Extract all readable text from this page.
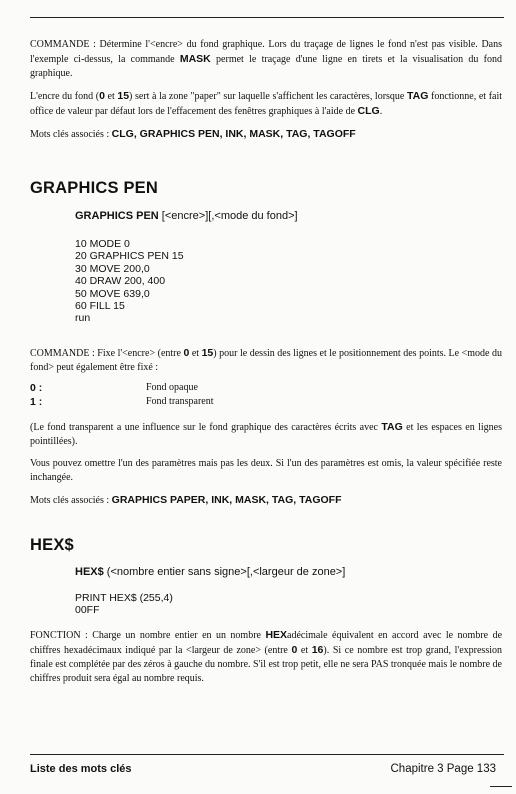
COMMANDE : Détermine l'<encre> du fond graphique. Lors du traçage de lignes le fond n'est pas visible. Dans l'exemple ci-dessus, la commande MASK permet le traçage d'une ligne en tirets et la visualisation du fond graphique.

L'encre du fond (0 et 15) sert à la zone "paper" sur laquelle s'affichent les caractères, lorsque TAG fonctionne, et fait office de valeur par défaut lors de l'effacement des fenêtres graphiques à l'aide de CLG.

Mots clés associés : CLG, GRAPHICS PEN, INK, MASK, TAG, TAGOFF

GRAPHICS PEN
GRAPHICS PEN [<encre>][,<mode du fond>]
10 MODE 0
20 GRAPHICS PEN 15
30 MOVE 200,0
40 DRAW 200, 400
50 MOVE 639,0
60 FILL 15
run

COMMANDE : Fixe l'<encre> (entre 0 et 15) pour le dessin des lignes et le positionnement des points. Le <mode du fond> peut également être fixé :

0 :	Fond opaque
1 :	Fond transparent

(Le fond transparent a une influence sur le fond graphique des caractères écrits avec TAG et les espaces en lignes pointillées).

Vous pouvez omettre l'un des paramètres mais pas les deux. Si l'un des paramètres est omis, la valeur spécifiée reste inchangée.

Mots clés associés : GRAPHICS PAPER, INK, MASK, TAG, TAGOFF

HEX$
HEX$ (<nombre entier sans signe>[,<largeur de zone>]
PRINT HEX$ (255,4)
00FF

FONCTION : Charge un nombre entier en un nombre HEXadécimale équivalent en accord avec le nombre de chiffres hexadécimaux indiqué par la <largeur de zone> (entre 0 et 16). Si ce nombre est trop grand, l'expression finale est complétée par des zéros à gauche du nombre. S'il est trop petit, elle ne sera PAS tronquée mais le nombre de chiffres produit sera égal au nombre requis.

Liste des mots clés	Chapitre 3 Page 133
